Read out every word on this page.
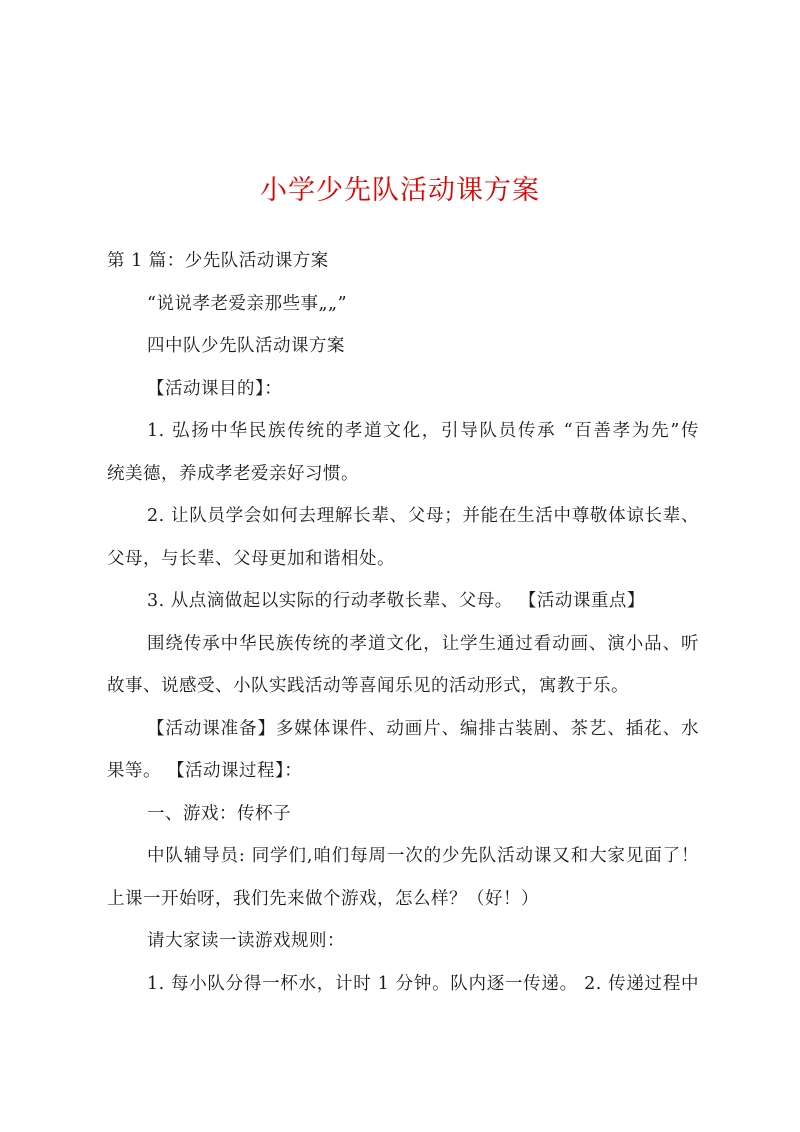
小学少先队活动课方案
第 1 篇：少先队活动课方案
“说说孝老爱亲那些事„„”
四中队少先队活动课方案
【活动课目的】：
1. 弘扬中华民族传统的孝道文化，引导队员传承 “百善孝为先”传
统美德，养成孝老爱亲好习惯。
2. 让队员学会如何去理解长辈、父母；并能在生活中尊敬体谅长辈、
父母，与长辈、父母更加和谐相处。
3. 从点滴做起以实际的行动孝敬长辈、父母。 【活动课重点】
围绕传承中华民族传统的孝道文化，让学生通过看动画、演小品、听
故事、说感受、小队实践活动等喜闻乐见的活动形式，寓教于乐。
【活动课准备】多媒体课件、动画片、编排古装剧、茶艺、插花、水
果等。 【活动课过程】：
一、游戏：传杯子
中队辅导员: 同学们,咱们每周一次的少先队活动课又和大家见面了！
上课一开始呀，我们先来做个游戏，怎么样？（好！）
请大家读一读游戏规则：
1. 每小队分得一杯水，计时 1 分钟。队内逐一传递。 2. 传递过程中
